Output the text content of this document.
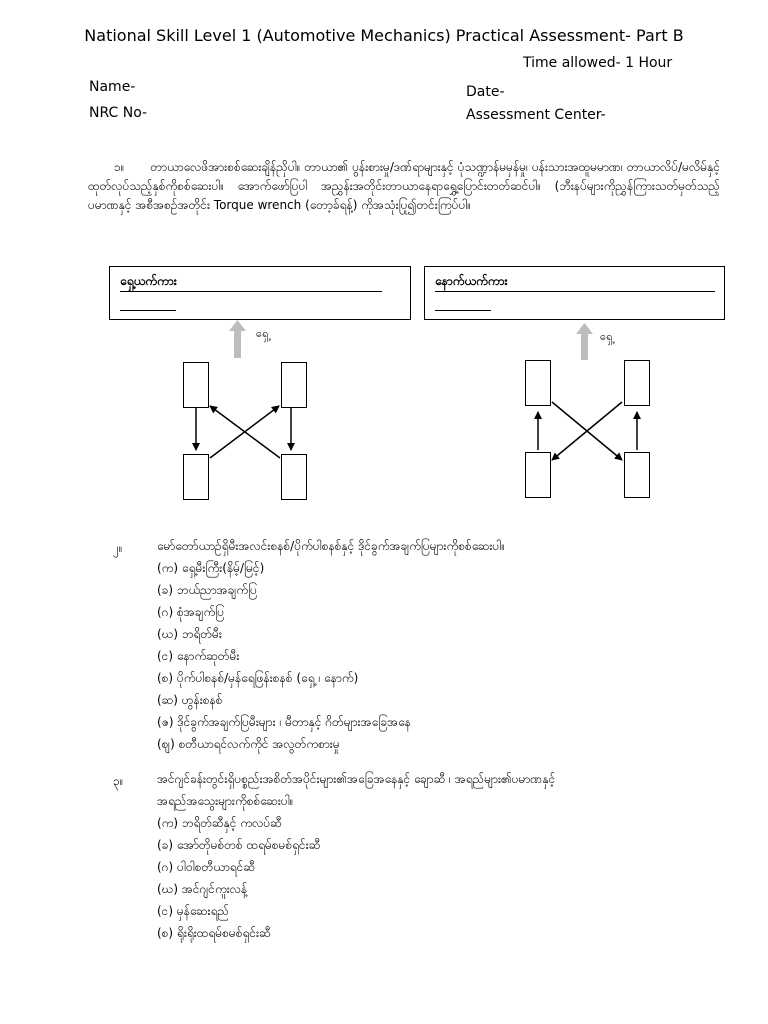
National Skill Level 1 (Automotive Mechanics) Practical Assessment- Part B
Time allowed- 1 Hour
Name-	Date-
NRC No-	Assessment Center-
၁။ တာယာလေဖိအားစစ်ဆေးချိန်ညှိပါ။ တာယာ၏ ပွန်းစားမှု/ဒဏ်ရာများနှင့် ပုံသဏ္ဍာန်မမှန်မှု၊ ပန်းသားအထူမမာဏ၊ တာယာလိပ်/မလိမ်နှင့် ထုတ်လုပ်သည့်နှစ်ကိုစစ်ဆေးပါ။ အောက်ဖော်ပြပါ အညွှန်းအတိုင်းတာယာနေရာရွှေ့ပြောင်းတတ်ဆင်ပါ။ (ဘီးနပ်များကိုညွှန်ကြားသတ်မှတ်သည့် ပမာဏနှင့် အစီအစဉ်အတိုင်း Torque wrench (တော့ခ်ရန့်) ကိုအသုံးပြု၍တင်းကြပ်ပါ။
ရှေ့ယက်ကား	နောက်ယက်ကား
ရှေ့	ရှေ့
၂။	မော်တော်ယာဉ်ရှိမီးအလင်းစနစ်/ပိုက်ပါစနစ်နှင့် ဒိုင်ခွက်အချက်ပြများကိုစစ်ဆေးပါ။
(က) ရှေ့မီးကြီး(နိမ့်/မြင့်)
(ခ) ဘယ်ညာအချက်ပြ
(ဂ) စုံအချက်ပြ
(ဃ) ဘရိတ်မီး
(င) နောက်ဆုတ်မီး
(စ) ပိုက်ပါစနစ်/မှန်ရေဖြန်းစနစ် (ရှေ့ ၊ နောက်)
(ဆ) ဟွန်းစနစ်
(ဇ) ဒိုင်ခွက်အချက်ပြမီးများ ၊ မီတာနှင့် ဂိတ်များအခြေအနေ
(ဈ) စတီယာရင်လက်ကိုင် အလွတ်ကစားမှု
၃။	အင်ဂျင်ခန်းတွင်းရှိပစ္စည်းအစိတ်အပိုင်းများ၏အခြေအနေနှင့် ချောဆီ ၊ အရည်များ၏ပမာဏနှင့်
အရည်အသွေးများကိုစစ်ဆေးပါ။
(က) ဘရိတ်ဆီနှင့် ကလပ်ဆီ
(ခ) အော်တိုမစ်တစ် ထရမ်စမစ်ရှင်းဆီ
(ဂ) ပါဝါစတီယာရင်ဆီ
(ဃ) အင်ဂျင်ကူးလန့်
(င) မှန်ဆေးရည်
(စ) ရိုးရိုးထရမ်စမစ်ရှင်းဆီ
